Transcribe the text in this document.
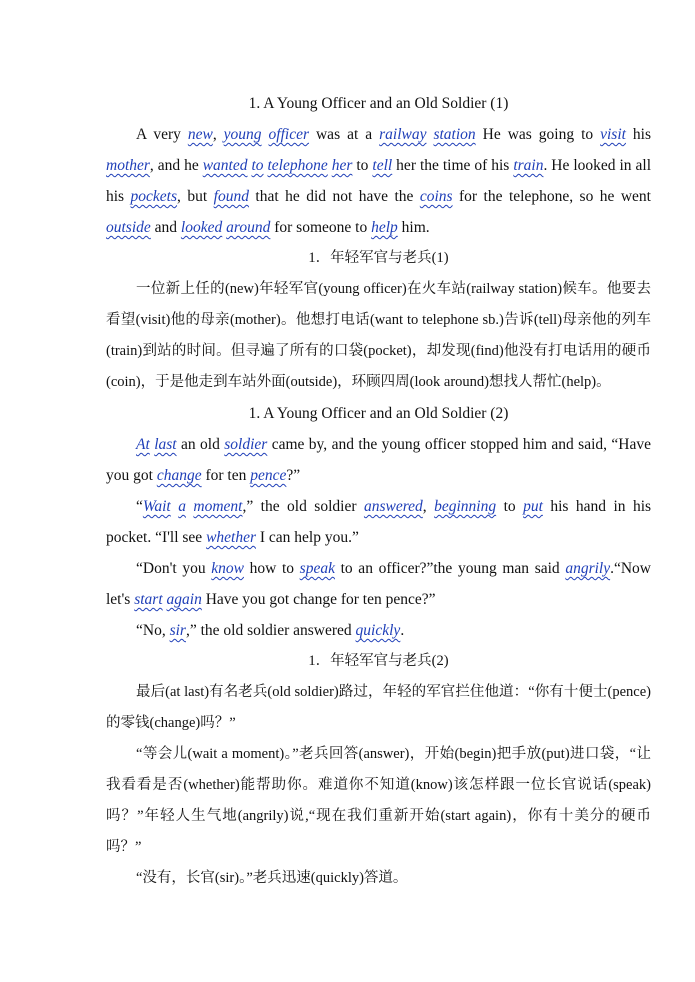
1. A Young Officer and an Old Soldier (1)

A very new, young officer was at a railway station He was going to visit his mother, and he wanted to telephone her to tell her the time of his train. He looked in all his pockets, but found that he did not have the coins for the telephone, so he went outside and looked around for someone to help him.

1．年轻军官与老兵(1)

一位新上任的(new)年轻军官(young officer)在火车站(railway station)候车。他要去看望(visit)他的母亲(mother)。他想打电话(want to telephone sb.)告诉(tell)母亲他的列车(train)到站的时间。但寻遍了所有的口袋(pocket)，却发现(find)他没有打电话用的硬币(coin)，于是他走到车站外面(outside)，环顾四周(look around)想找人帮忙(help)。

1. A Young Officer and an Old Soldier (2)

At last an old soldier came by, and the young officer stopped him and said, “Have you got change for ten pence?”

“Wait a moment,” the old soldier answered, beginning to put his hand in his pocket. “I'll see whether I can help you.”

“Don't you know how to speak to an officer?”the young man said angrily.“Now let's start again Have you got change for ten pence?”

“No, sir,” the old soldier answered quickly.

1．年轻军官与老兵(2)

最后(at last)有名老兵(old soldier)路过，年轻的军官拦住他道：“你有十便士(pence)的零钱(change)吗？”

“等会儿(wait a moment)。”老兵回答(answer)，开始(begin)把手放(put)进口袋，“让我看看是否(whether)能帮助你。难道你不知道(know)该怎样跟一位长官说话(speak)吗？”年轻人生气地(angrily)说,“现在我们重新开始(start again)，你有十美分的硬币吗？”

“没有，长官(sir)。”老兵迅速(quickly)答道。
